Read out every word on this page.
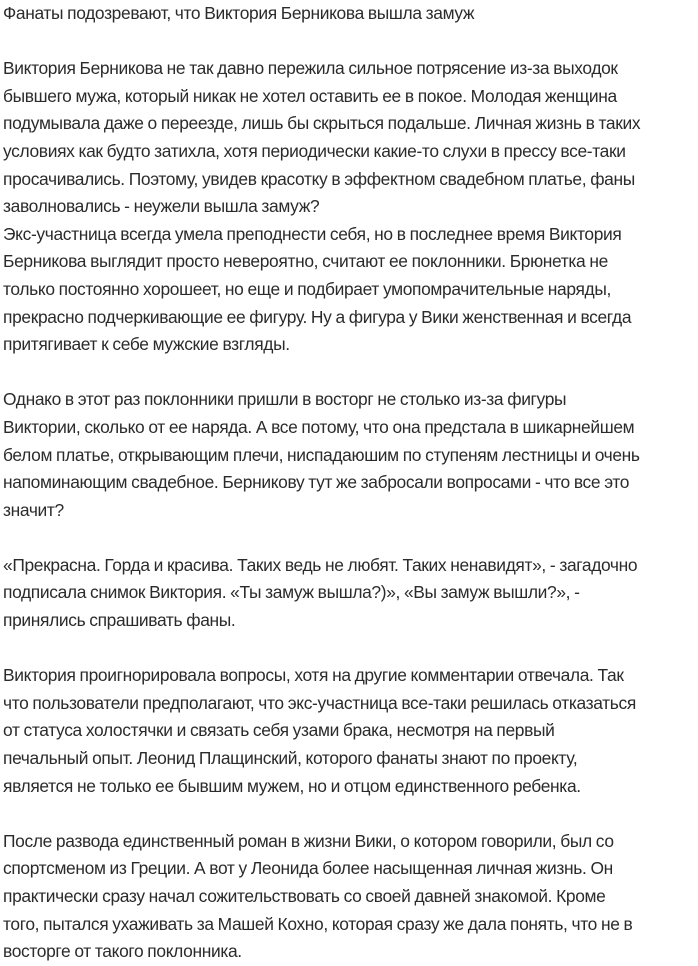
Фанаты подозревают, что Виктория Берникова вышла замуж

Виктория Берникова не так давно пережила сильное потрясение из-за выходок
бывшего мужа, который никак не хотел оставить ее в покое. Молодая женщина
подумывала даже о переезде, лишь бы скрыться подальше. Личная жизнь в таких
условиях как будто затихла, хотя периодически какие-то слухи в прессу все-таки
просачивались. Поэтому, увидев красотку в эффектном свадебном платье, фаны
заволновались - неужели вышла замуж?

Экс-участница всегда умела преподнести себя, но в последнее время Виктория
Берникова выглядит просто невероятно, считают ее поклонники. Брюнетка не
только постоянно хорошеет, но еще и подбирает умопомрачительные наряды,
прекрасно подчеркивающие ее фигуру. Ну а фигура у Вики женственная и всегда
притягивает к себе мужские взгляды.

Однако в этот раз поклонники пришли в восторг не столько из-за фигуры
Виктории, сколько от ее наряда. А все потому, что она предстала в шикарнейшем
белом платье, открывающим плечи, ниспадаюшим по ступеням лестницы и очень
напоминающим свадебное. Берникову тут же забросали вопросами - что все это
значит?

«Прекрасна. Горда и красива. Таких ведь не любят. Таких ненавидят», - загадочно
подписала снимок Виктория. «Ты замуж вышла?)», «Вы замуж вышли?», -
принялись спрашивать фаны.

Виктория проигнорировала вопросы, хотя на другие комментарии отвечала. Так
что пользователи предполагают, что экс-участница все-таки решилась отказаться
от статуса холостячки и связать себя узами брака, несмотря на первый
печальный опыт. Леонид Плащинский, которого фанаты знают по проекту,
является не только ее бывшим мужем, но и отцом единственного ребенка.

После развода единственный роман в жизни Вики, о котором говорили, был со
спортсменом из Греции. А вот у Леонида более насыщенная личная жизнь. Он
практически сразу начал сожительствовать со своей давней знакомой. Кроме
того, пытался ухаживать за Машей Кохно, которая сразу же дала понять, что не в
восторге от такого поклонника.
